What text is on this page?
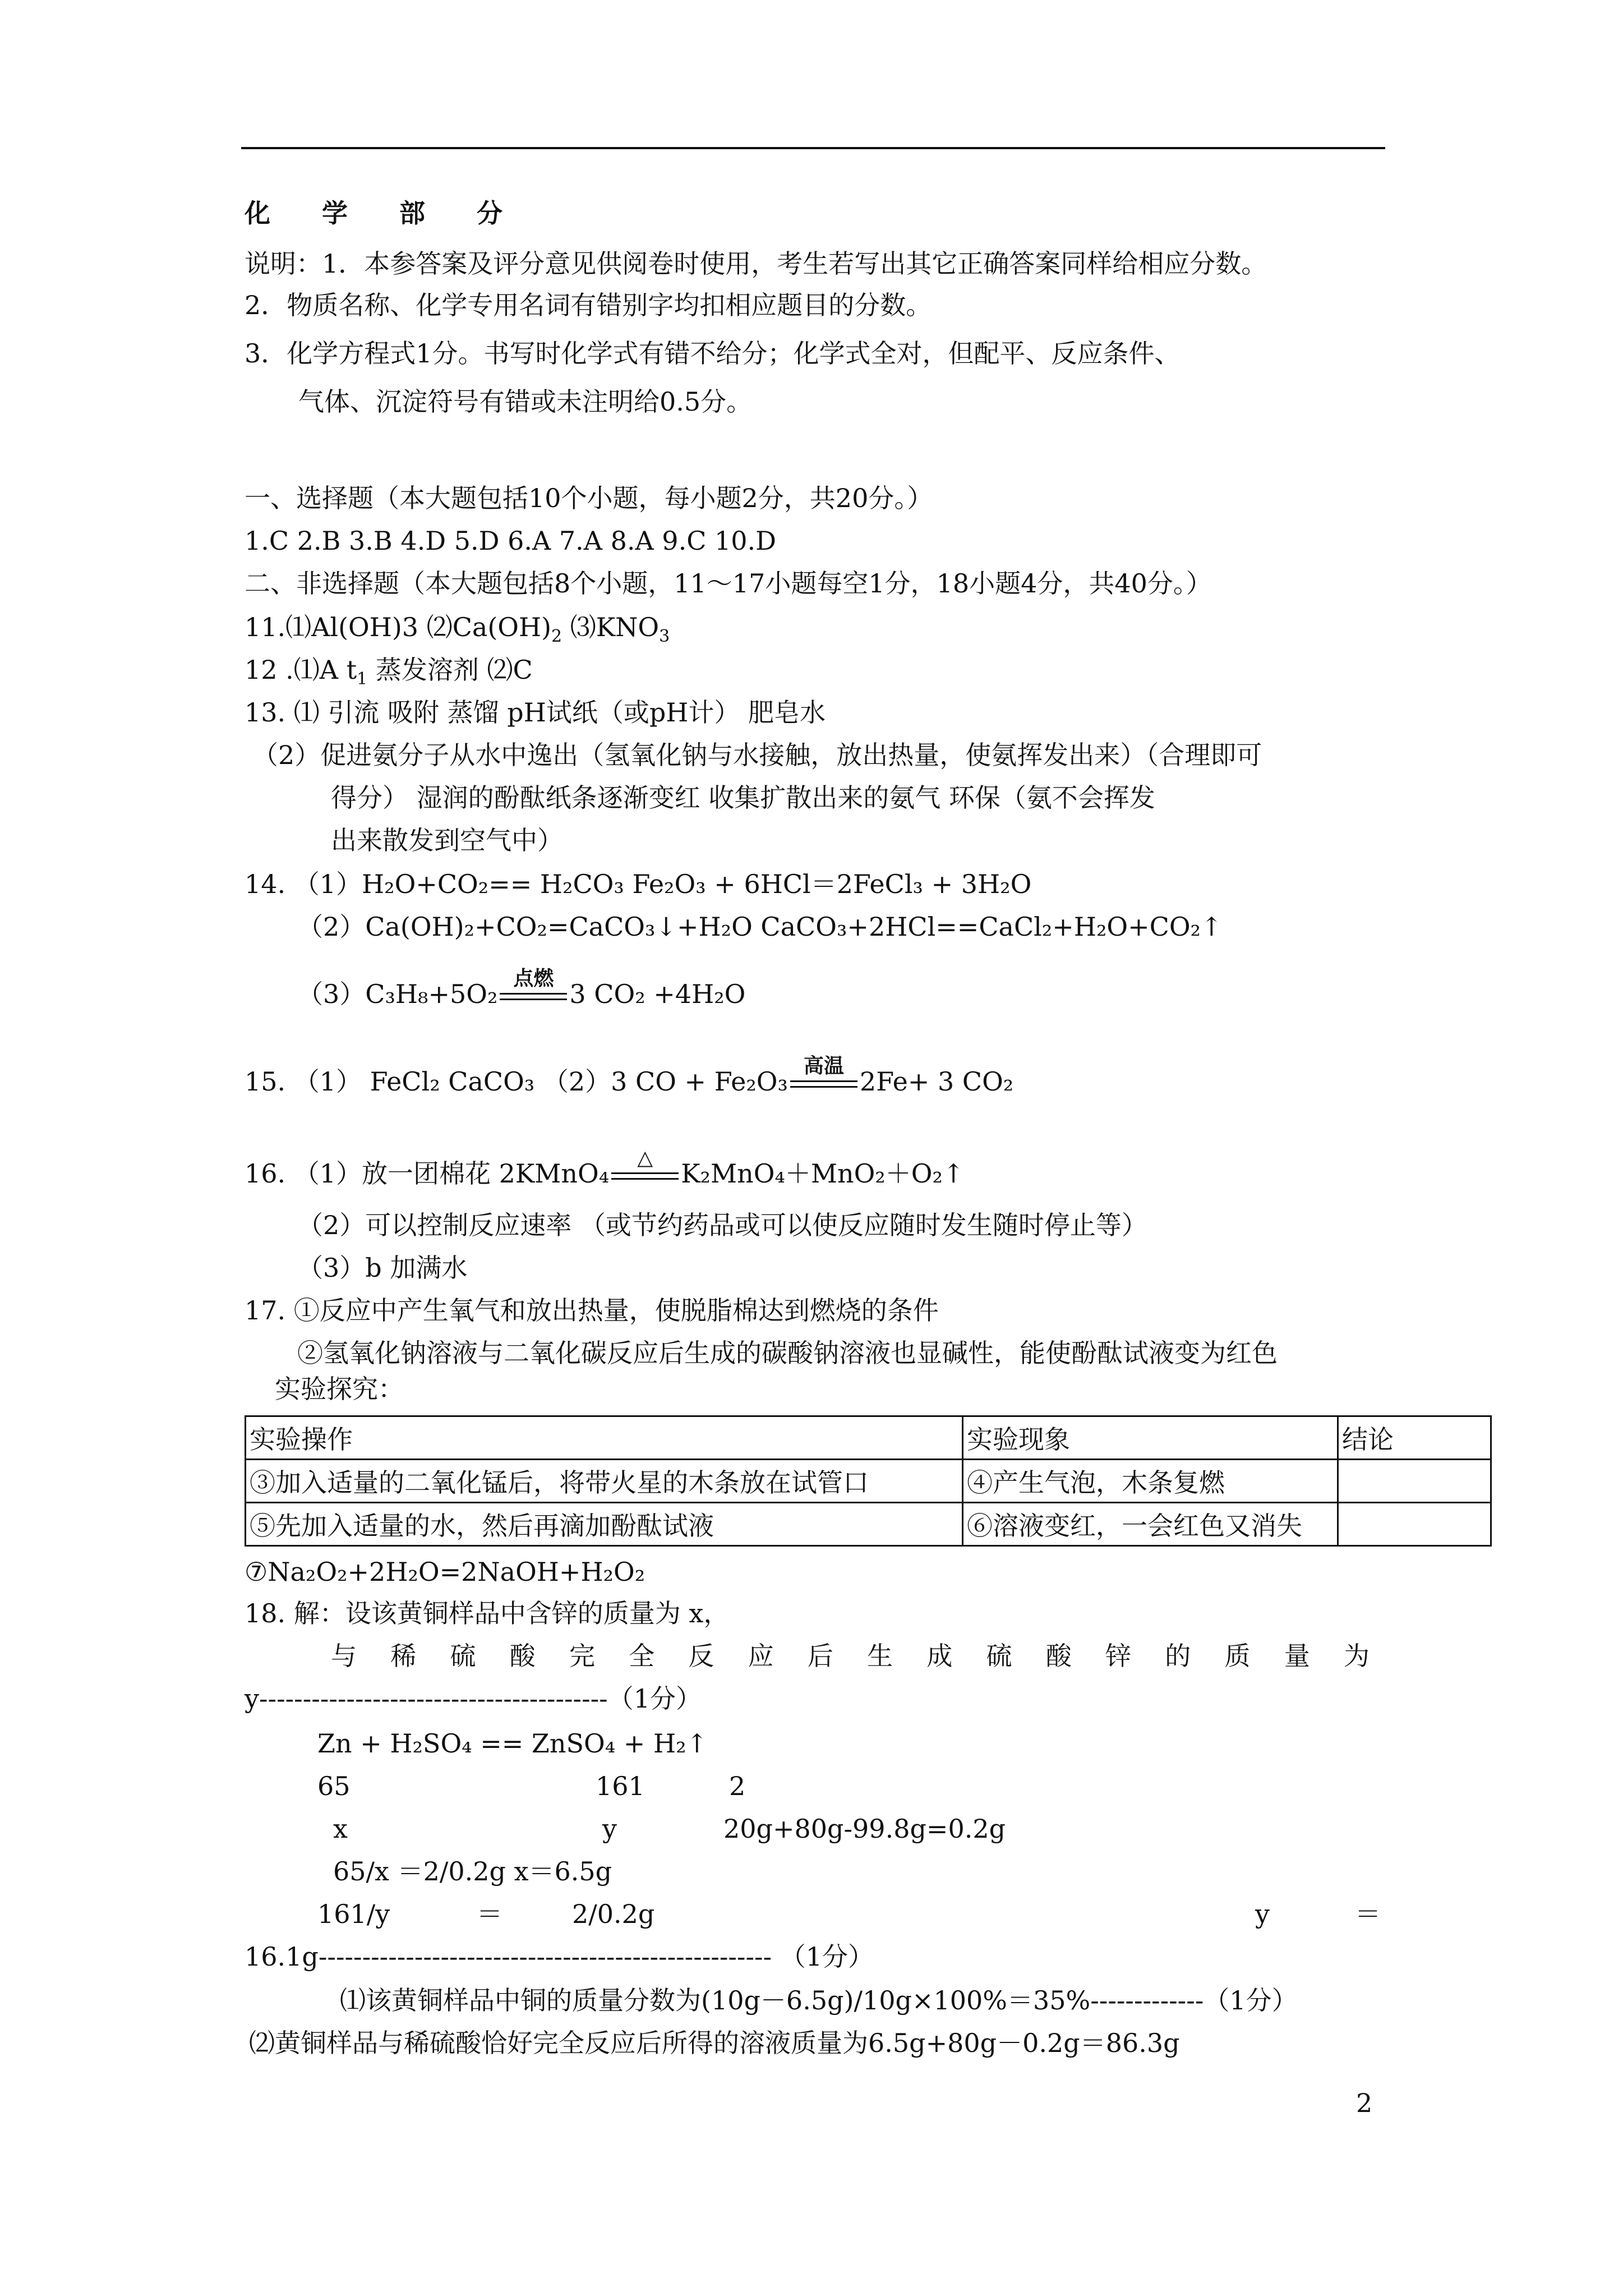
化 学 部 分
说明：1．本参答案及评分意见供阅卷时使用，考生若写出其它正确答案同样给相应分数。
2．物质名称、化学专用名词有错别字均扣相应题目的分数。
3．化学方程式1分。书写时化学式有错不给分；化学式全对，但配平、反应条件、
气体、沉淀符号有错或未注明给0.5分。
一、选择题（本大题包括10个小题，每小题2分，共20分。）
1.C 2.B 3.B 4.D 5.D 6.A 7.A 8.A 9.C 10.D
二、非选择题（本大题包括8个小题，11～17小题每空1分，18小题4分，共40分。）
11.⑴Al(OH)3 $⑵Ca(OH)_2$ $⑶KNO_3$
12 .⑴A $t_1$ 蒸发溶剂 ⑵C
13. ⑴ 引流 吸附 蒸馏 pH试纸（或pH计） 肥皂水
（2）促进氨分子从水中逸出（氢氧化钠与水接触，放出热量，使氨挥发出来）（合理即可
得分） 湿润的酚酞纸条逐渐变红 收集扩散出来的氨气 环保（氨不会挥发
出来散发到空气中）
14. （1）H₂O+CO₂== H₂CO₃ Fe₂O₃ + 6HCl＝2FeCl₃ + 3H₂O
（2）Ca(OH)₂+CO₂=CaCO₃↓+H₂O CaCO₃+2HCl==CaCl₂+H₂O+CO₂↑
（3）C₃H₈+5O₂
点燃
3 CO₂ +4H₂O
15. （1） FeCl₂ CaCO₃ （2）3 CO + Fe₂O₃
高温
2Fe+ 3 CO₂
16. （1）放一团棉花 2KMnO₄
△
K₂MnO₄＋MnO₂＋O₂↑
（2）可以控制反应速率 （或节约药品或可以使反应随时发生随时停止等）
（3）b 加满水
17. ①反应中产生氧气和放出热量，使脱脂棉达到燃烧的条件
②氢氧化钠溶液与二氧化碳反应后生成的碳酸钠溶液也显碱性，能使酚酞试液变为红色
实验探究：
实验操作	实验现象	结论
③加入适量的二氧化锰后，将带火星的木条放在试管口	④产生气泡，木条复燃	
⑤先加入适量的水，然后再滴加酚酞试液	⑥溶液变红，一会红色又消失	
⑦Na₂O₂+2H₂O=2NaOH+H₂O₂
18. 解：设该黄铜样品中含锌的质量为 x，
与稀硫酸完全反应后生成硫酸锌的质量为
y----------------------------------------（1分）
Zn + H₂SO₄ == ZnSO₄ + H₂↑
65	161	2
x	y	20g+80g-99.8g=0.2g
65/x ＝2/0.2g x＝6.5g
161/y	＝	2/0.2g	y	＝
16.1g---------------------------------------------------- （1分）
⑴该黄铜样品中铜的质量分数为(10g－6.5g)/10g×100%＝35%-------------（1分）
⑵黄铜样品与稀硫酸恰好完全反应后所得的溶液质量为6.5g+80g－0.2g＝86.3g
2
